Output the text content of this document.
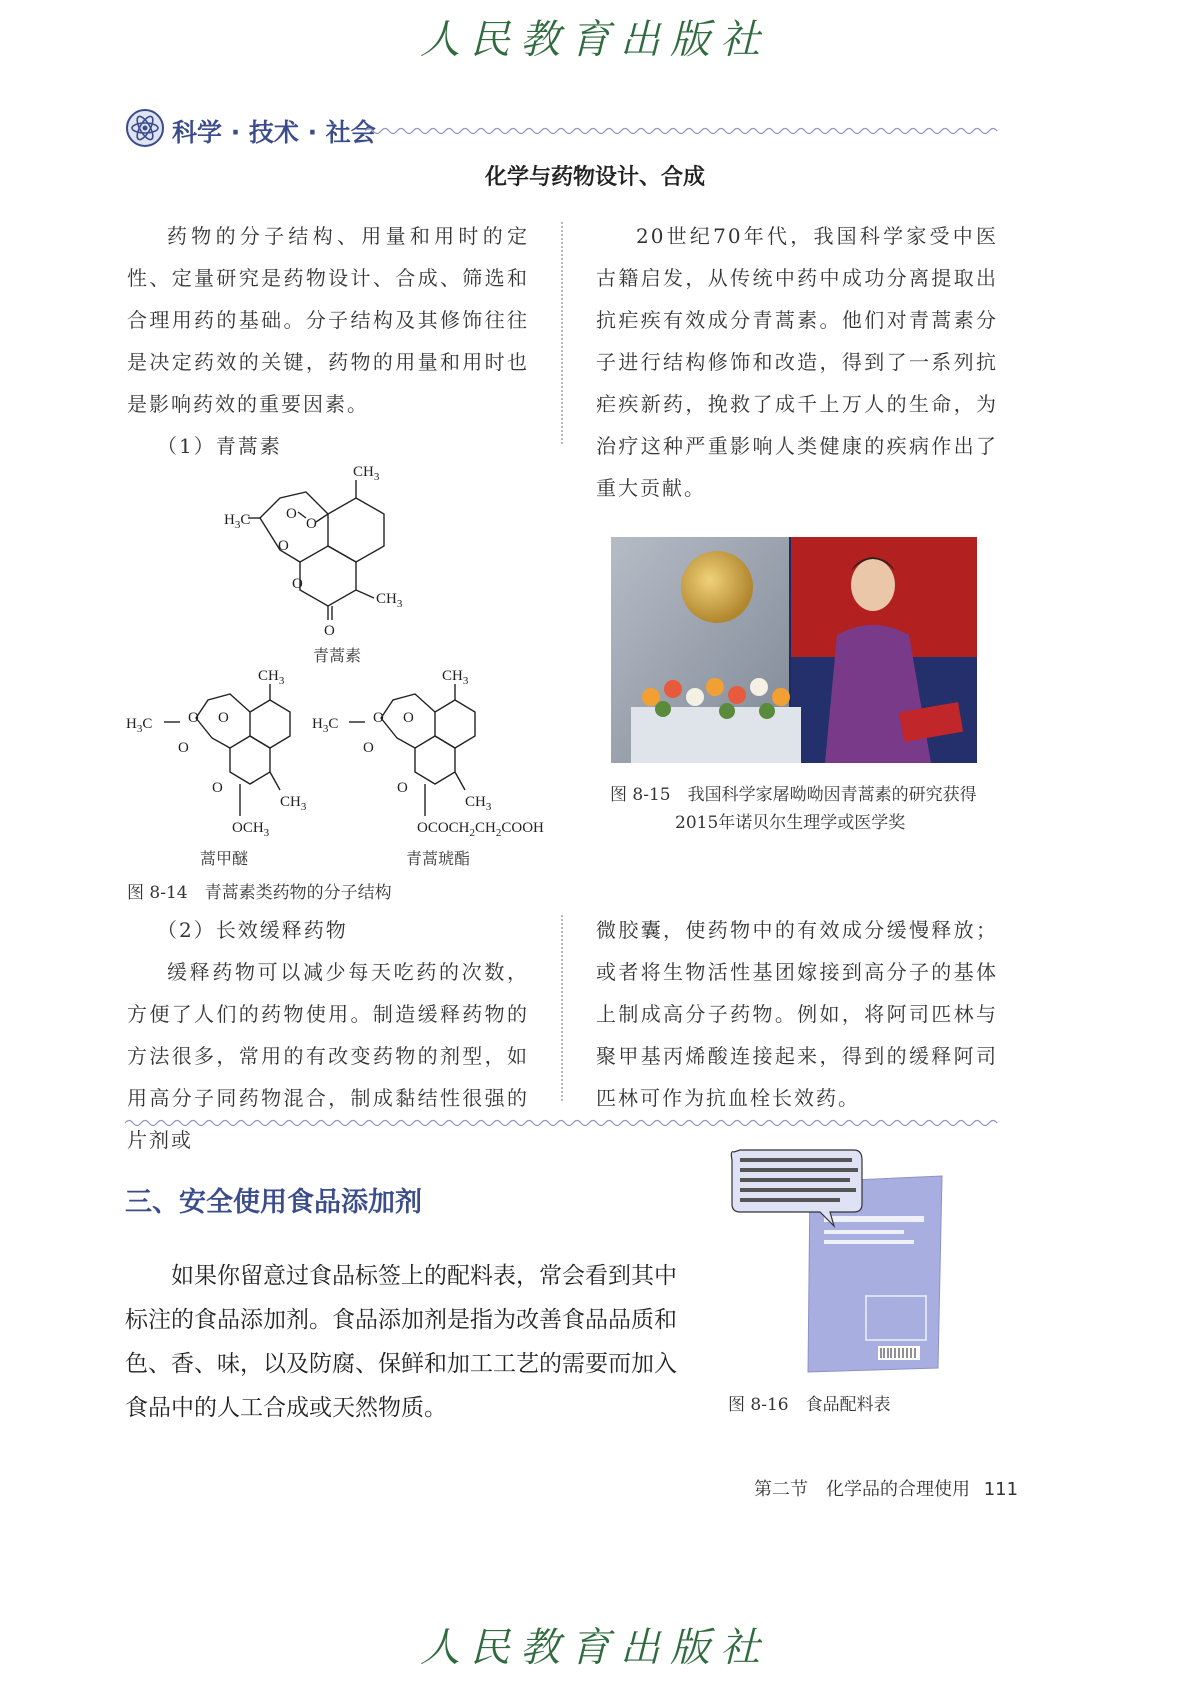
人民教育出版社
科学 · 技术 · 社会
化学与药物设计、合成

药物的分子结构、用量和用时的定性、定量研究是药物设计、合成、筛选和合理用药的基础。分子结构及其修饰往往是决定药效的关键，药物的用量和用时也是影响药效的重要因素。

（1）青蒿素

20世纪70年代，我国科学家受中医古籍启发，从传统中药中成功分离提取出抗疟疾有效成分青蒿素。他们对青蒿素分子进行结构修饰和改造，得到了一系列抗疟疾新药，挽救了成千上万人的生命，为治疗这种严重影响人类健康的疾病作出了重大贡献。

$CH_3$
$CH_3$
O
O
O
O
O
$H_3C$
青蒿素
$CH_3$
$CH_3$
$OCH_3$
O
O O
O
$H_3C$
蒿甲醚
$CH_3$
$CH_3$
$OCOCH_2CH_2COOH$
O
O O
O
$H_3C$
青蒿琥酯
图 8-14　青蒿素类药物的分子结构
图 8-15　我国科学家屠呦呦因青蒿素的研究获得
2015年诺贝尔生理学或医学奖

（2）长效缓释药物

缓释药物可以减少每天吃药的次数，方便了人们的药物使用。制造缓释药物的方法很多，常用的有改变药物的剂型，如用高分子同药物混合，制成黏结性很强的片剂或

微胶囊，使药物中的有效成分缓慢释放；或者将生物活性基团嫁接到高分子的基体上制成高分子药物。例如，将阿司匹林与聚甲基丙烯酸连接起来，得到的缓释阿司匹林可作为抗血栓长效药。

三、安全使用食品添加剂

如果你留意过食品标签上的配料表，常会看到其中标注的食品添加剂。食品添加剂是指为改善食品品质和色、香、味，以及防腐、保鲜和加工工艺的需要而加入食品中的人工合成或天然物质。	图 8-16　食品配料表
第二节　化学品的合理使用 111
人民教育出版社
